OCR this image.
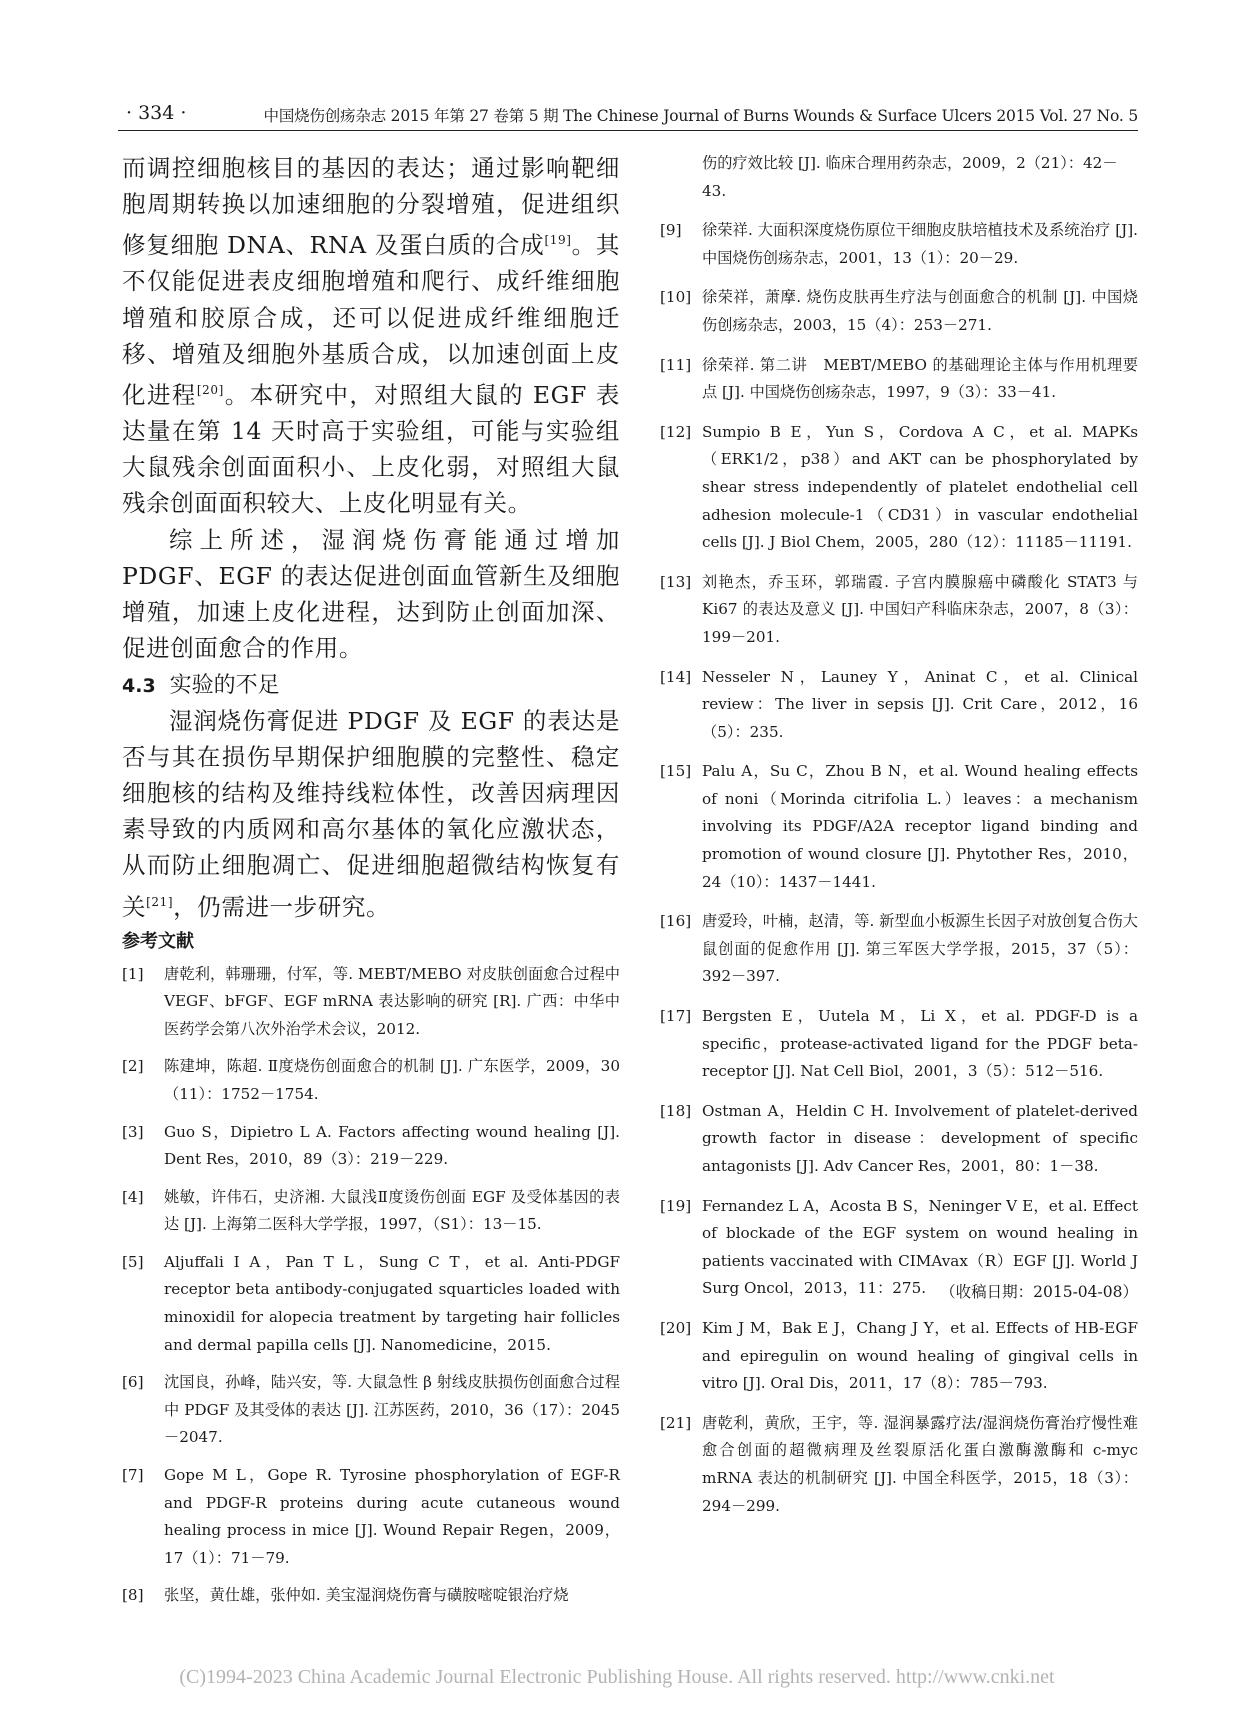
· 334 ·	中国烧伤创疡杂志 2015 年第 27 卷第 5 期 The Chinese Journal of Burns Wounds & Surface Ulcers 2015 Vol. 27 No. 5

而调控细胞核目的基因的表达；通过影响靶细胞周期转换以加速细胞的分裂增殖，促进组织修复细胞 DNA、RNA 及蛋白质的合成[19]。其不仅能促进表皮细胞增殖和爬行、成纤维细胞增殖和胶原合成，还可以促进成纤维细胞迁移、增殖及细胞外基质合成，以加速创面上皮化进程[20]。本研究中，对照组大鼠的 EGF 表达量在第 14 天时高于实验组，可能与实验组大鼠残余创面面积小、上皮化弱，对照组大鼠残余创面面积较大、上皮化明显有关。

综上所述，湿润烧伤膏能通过增加 PDGF、EGF 的表达促进创面血管新生及细胞增殖，加速上皮化进程，达到防止创面加深、促进创面愈合的作用。

4.3 实验的不足

湿润烧伤膏促进 PDGF 及 EGF 的表达是否与其在损伤早期保护细胞膜的完整性、稳定细胞核的结构及维持线粒体性，改善因病理因素导致的内质网和高尔基体的氧化应激状态，从而防止细胞凋亡、促进细胞超微结构恢复有关[21]，仍需进一步研究。

参考文献
[1] 唐乾利，韩珊珊，付军，等. MEBT/MEBO 对皮肤创面愈合过程中 VEGF、bFGF、EGF mRNA 表达影响的研究 [R]. 广西：中华中医药学会第八次外治学术会议，2012.
[2] 陈建坤，陈超. Ⅱ度烧伤创面愈合的机制 [J]. 广东医学，2009，30（11）：1752－1754.
[3] Guo S，Dipietro L A. Factors affecting wound healing [J]. Dent Res，2010，89（3）：219－229.
[4] 姚敏，许伟石，史济湘. 大鼠浅Ⅱ度烫伤创面 EGF 及受体基因的表达 [J]. 上海第二医科大学学报，1997，（S1）：13－15.
[5] Aljuffali I A，Pan T L，Sung C T，et al. Anti-PDGF receptor beta antibody-conjugated squarticles loaded with minoxidil for alopecia treatment by targeting hair follicles and dermal papilla cells [J]. Nanomedicine，2015.
[6] 沈国良，孙峰，陆兴安，等. 大鼠急性 β 射线皮肤损伤创面愈合过程中 PDGF 及其受体的表达 [J]. 江苏医药，2010，36（17）：2045－2047.
[7] Gope M L，Gope R. Tyrosine phosphorylation of EGF-R and PDGF-R proteins during acute cutaneous wound healing process in mice [J]. Wound Repair Regen，2009，17（1）：71－79.
[8] 张坚，黄仕雄，张仲如. 美宝湿润烧伤膏与磺胺嘧啶银治疗烧
伤的疗效比较 [J]. 临床合理用药杂志，2009，2（21）：42－43.
[9] 徐荣祥. 大面积深度烧伤原位干细胞皮肤培植技术及系统治疗 [J]. 中国烧伤创疡杂志，2001，13（1）：20－29.
[10] 徐荣祥，萧摩. 烧伤皮肤再生疗法与创面愈合的机制 [J]. 中国烧伤创疡杂志，2003，15（4）：253－271.
[11] 徐荣祥. 第二讲　MEBT/MEBO 的基础理论主体与作用机理要点 [J]. 中国烧伤创疡杂志，1997，9（3）：33－41.
[12] Sumpio B E，Yun S，Cordova A C，et al. MAPKs（ERK1/2，p38）and AKT can be phosphorylated by shear stress independently of platelet endothelial cell adhesion molecule-1（CD31）in vascular endothelial cells [J]. J Biol Chem，2005，280（12）：11185－11191.
[13] 刘艳杰，乔玉环，郭瑞霞. 子宫内膜腺癌中磷酸化 STAT3 与 Ki67 的表达及意义 [J]. 中国妇产科临床杂志，2007，8（3）：199－201.
[14] Nesseler N，Launey Y，Aninat C，et al. Clinical review：The liver in sepsis [J]. Crit Care，2012，16（5）：235.
[15] Palu A，Su C，Zhou B N，et al. Wound healing effects of noni（Morinda citrifolia L.）leaves：a mechanism involving its PDGF/A2A receptor ligand binding and promotion of wound closure [J]. Phytother Res，2010，24（10）：1437－1441.
[16] 唐爱玲，叶楠，赵清，等. 新型血小板源生长因子对放创复合伤大鼠创面的促愈作用 [J]. 第三军医大学学报，2015，37（5）：392－397.
[17] Bergsten E，Uutela M，Li X，et al. PDGF-D is a specific，protease-activated ligand for the PDGF beta-receptor [J]. Nat Cell Biol，2001，3（5）：512－516.
[18] Ostman A，Heldin C H. Involvement of platelet-derived growth factor in disease：development of specific antagonists [J]. Adv Cancer Res，2001，80：1－38.
[19] Fernandez L A，Acosta B S，Neninger V E，et al. Effect of blockade of the EGF system on wound healing in patients vaccinated with CIMAvax（R）EGF [J]. World J Surg Oncol，2013，11：275.
[20] Kim J M，Bak E J，Chang J Y，et al. Effects of HB-EGF and epiregulin on wound healing of gingival cells in vitro [J]. Oral Dis，2011，17（8）：785－793.
[21] 唐乾利，黄欣，王宇，等. 湿润暴露疗法/湿润烧伤膏治疗慢性难愈合创面的超微病理及丝裂原活化蛋白激酶激酶和 c-myc mRNA 表达的机制研究 [J]. 中国全科医学，2015，18（3）：294－299.
（收稿日期：2015-04-08）
(C)1994-2023 China Academic Journal Electronic Publishing House. All rights reserved. http://www.cnki.net
